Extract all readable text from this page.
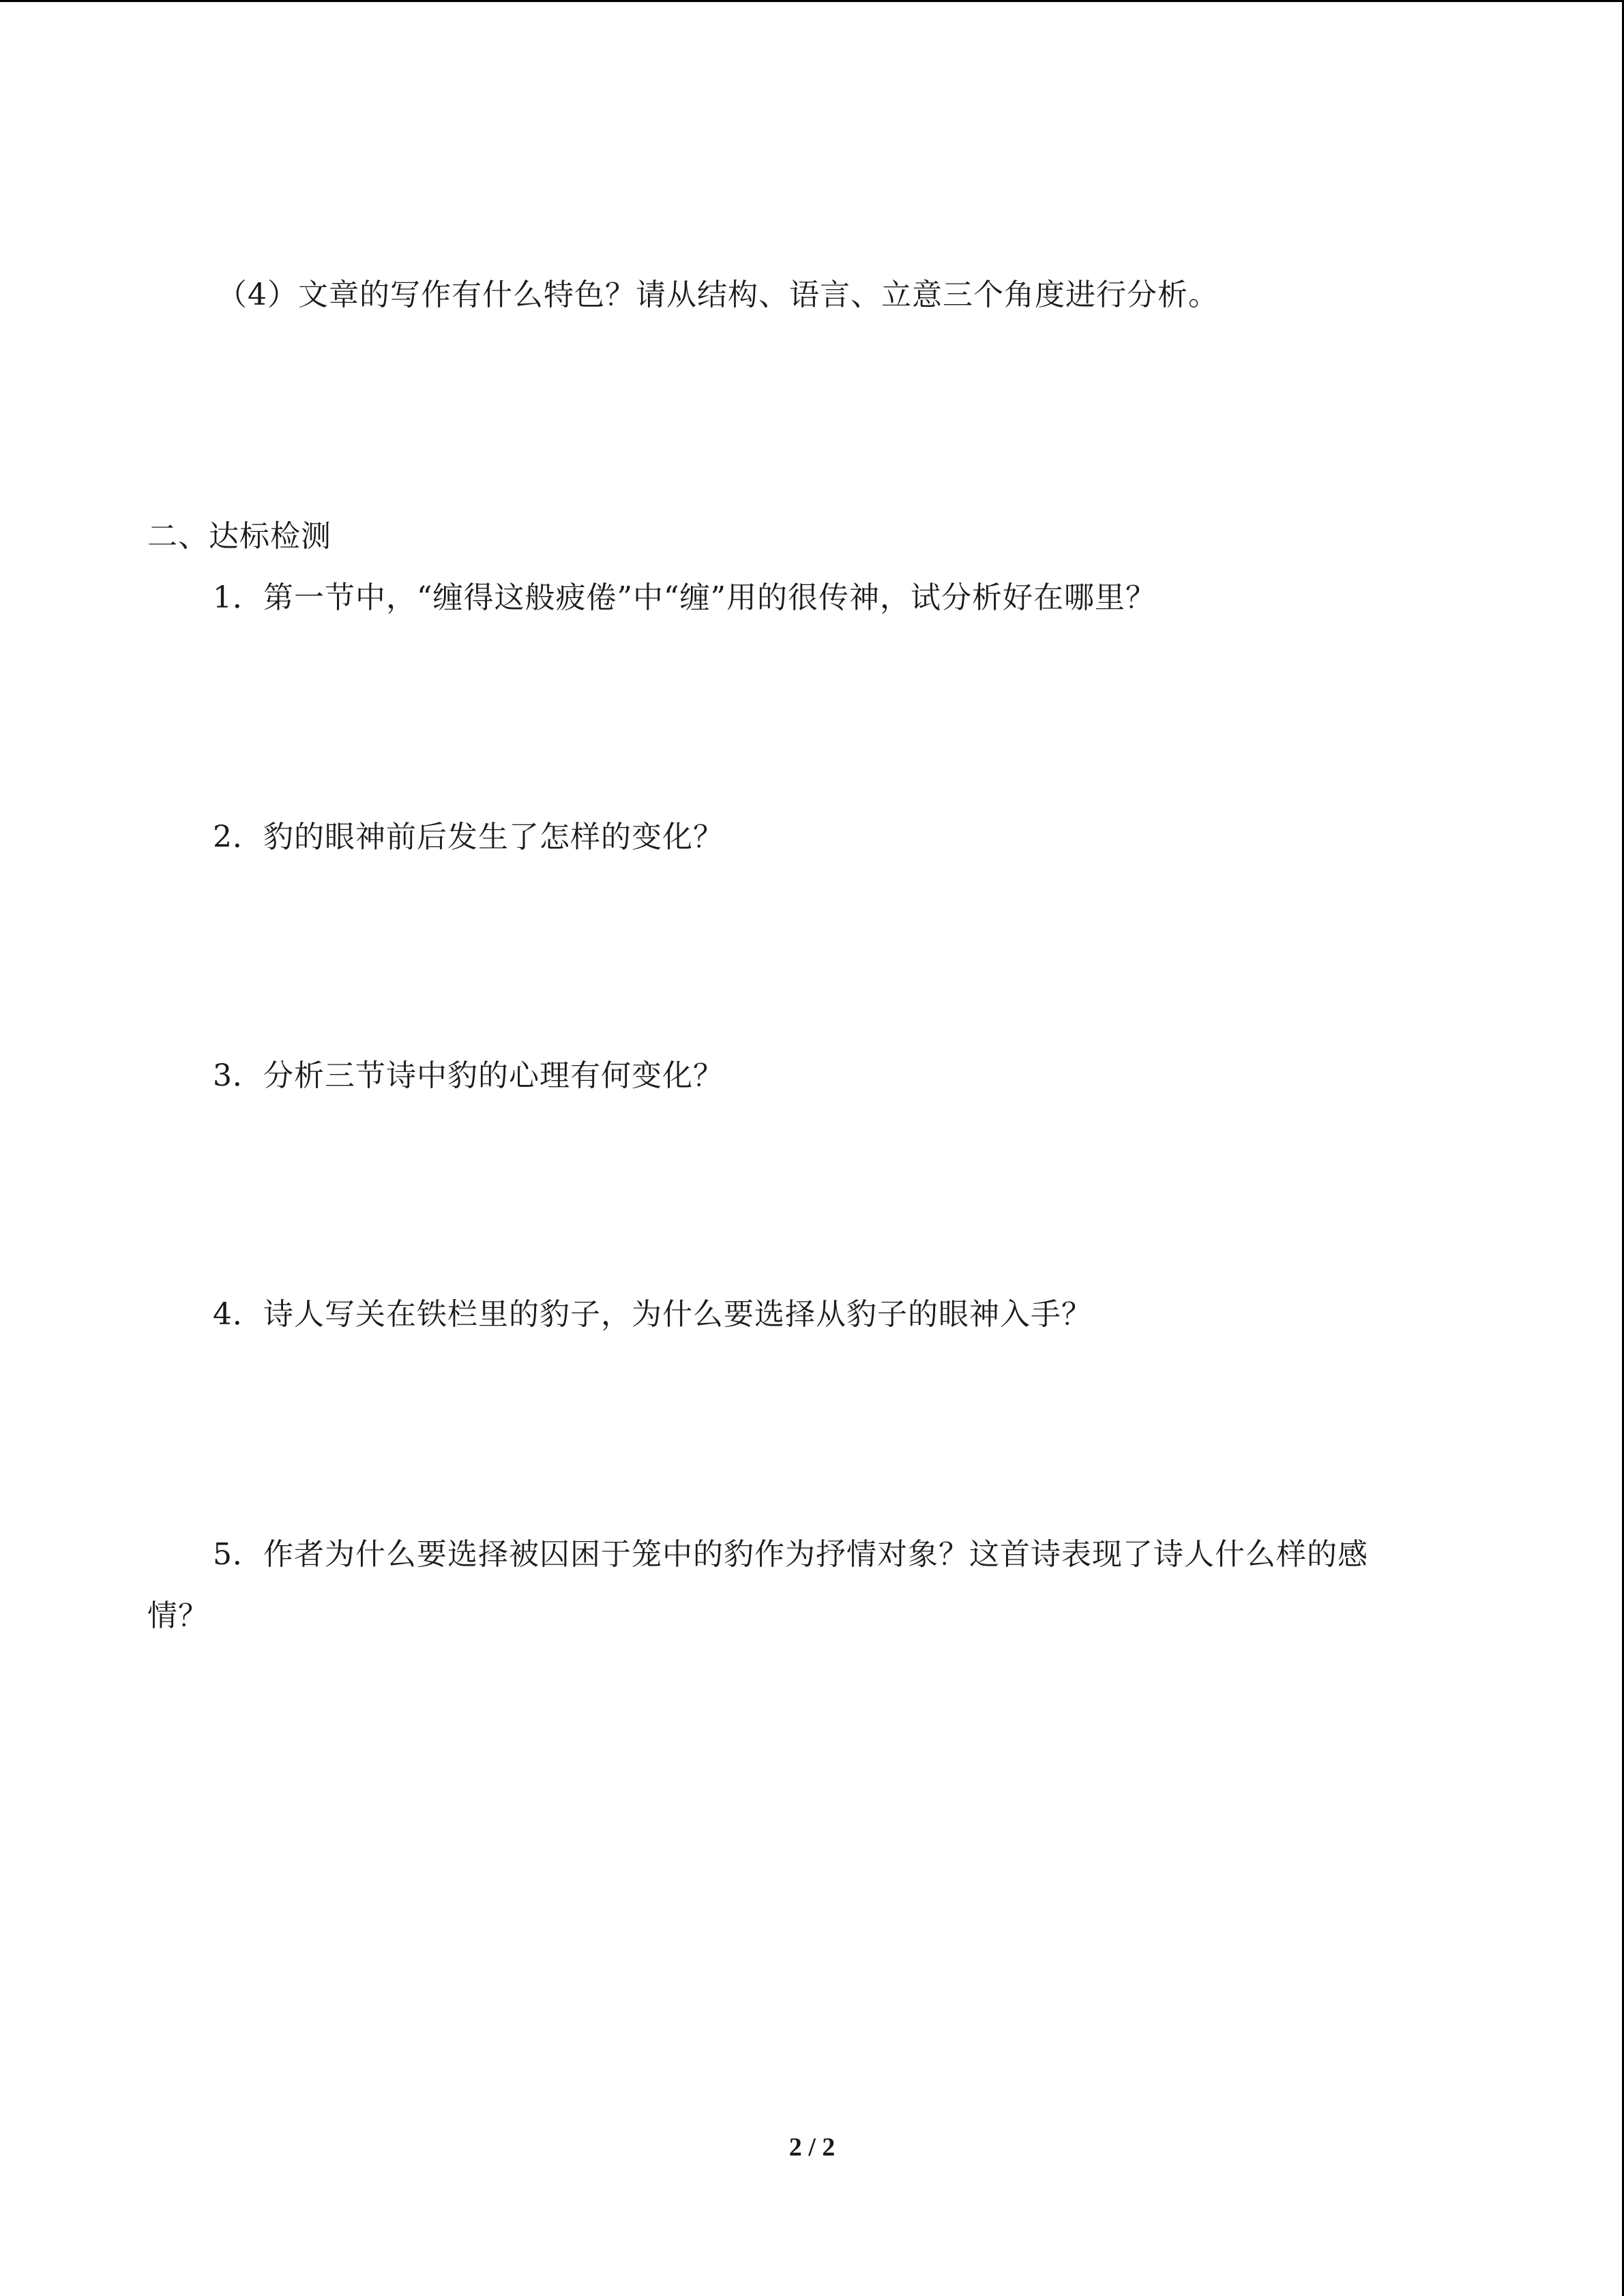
（4）文章的写作有什么特色？请从结构、语言、立意三个角度进行分析。
二、达标检测
1．第一节中，“缠得这般疲倦”中“缠”用的很传神，试分析好在哪里？
2．豹的眼神前后发生了怎样的变化？
3．分析三节诗中豹的心理有何变化？
4．诗人写关在铁栏里的豹子，为什么要选择从豹子的眼神入手？
5．作者为什么要选择被囚困于笼中的豹作为抒情对象？这首诗表现了诗人什么样的感
情？
2 / 2
